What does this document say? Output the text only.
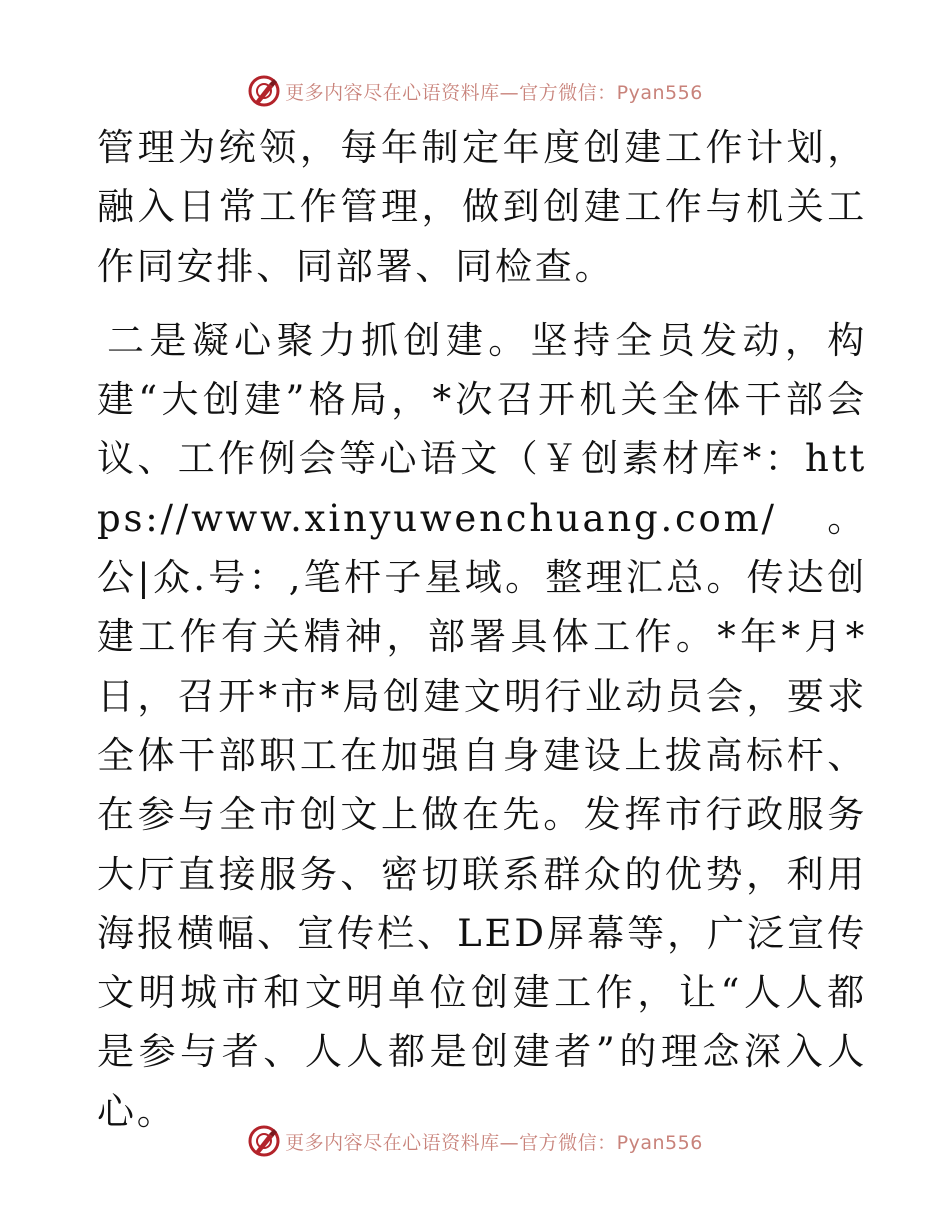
更多内容尽在心语资料库—官方微信：Pyan556

管理为统领，每年制定年度创建工作计划，融入日常工作管理，做到创建工作与机关工作同安排、同部署、同检查。

二是凝心聚力抓创建。坚持全员发动，构建“大创建”格局，*次召开机关全体干部会议、工作例会等心语文（￥创素材库*：https://www.xinyuwenchuang.com/。公|众.号：,笔杆子星域。整理汇总。传达创建工作有关精神，部署具体工作。*年*月*日，召开*市*局创建文明行业动员会，要求全体干部职工在加强自身建设上拔高标杆、在参与全市创文上做在先。发挥市行政服务大厅直接服务、密切联系群众的优势，利用海报横幅、宣传栏、LED屏幕等，广泛宣传文明城市和文明单位创建工作，让“人人都是参与者、人人都是创建者”的理念深入人心。

更多内容尽在心语资料库—官方微信：Pyan556
